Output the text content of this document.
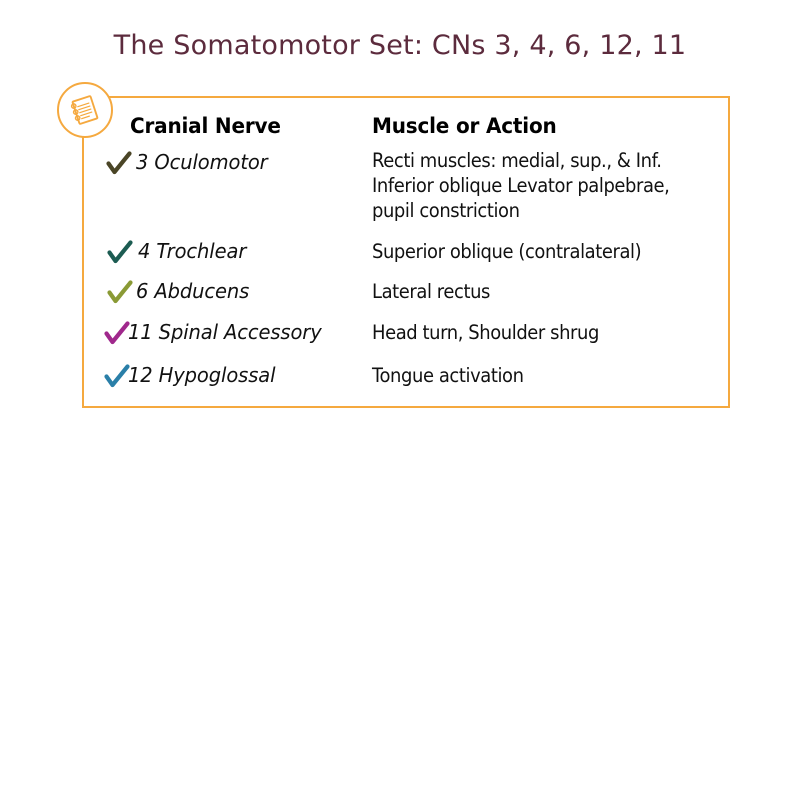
The Somatomotor Set: CNs 3, 4, 6, 12, 11
Cranial Nerve	Muscle or Action
3 Oculomotor	Recti muscles: medial, sup., & Inf.
Inferior oblique Levator palpebrae,
pupil constriction
4 Trochlear	Superior oblique (contralateral)
6 Abducens	Lateral rectus
11 Spinal Accessory	Head turn, Shoulder shrug
12 Hypoglossal	Tongue activation
